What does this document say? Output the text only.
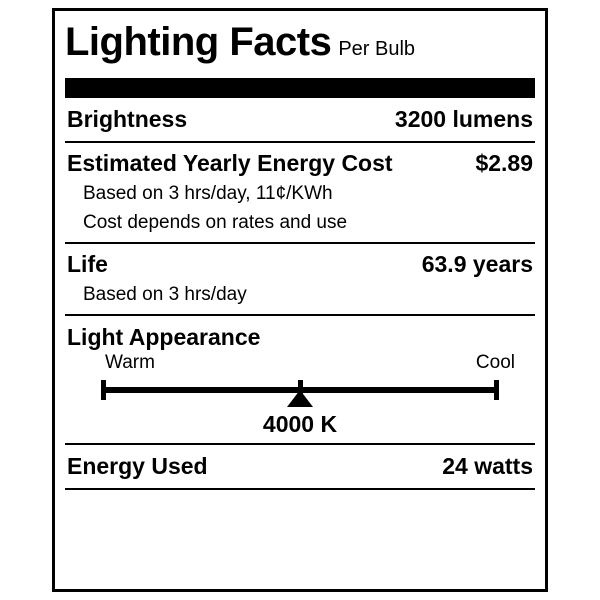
Lighting Facts Per Bulb
Brightness	3200 lumens
Estimated Yearly Energy Cost	$2.89
Based on 3 hrs/day, 11¢/KWh
Cost depends on rates and use
Life	63.9 years
Based on 3 hrs/day
Light Appearance
Warm	Cool
4000 K
Energy Used	24 watts
